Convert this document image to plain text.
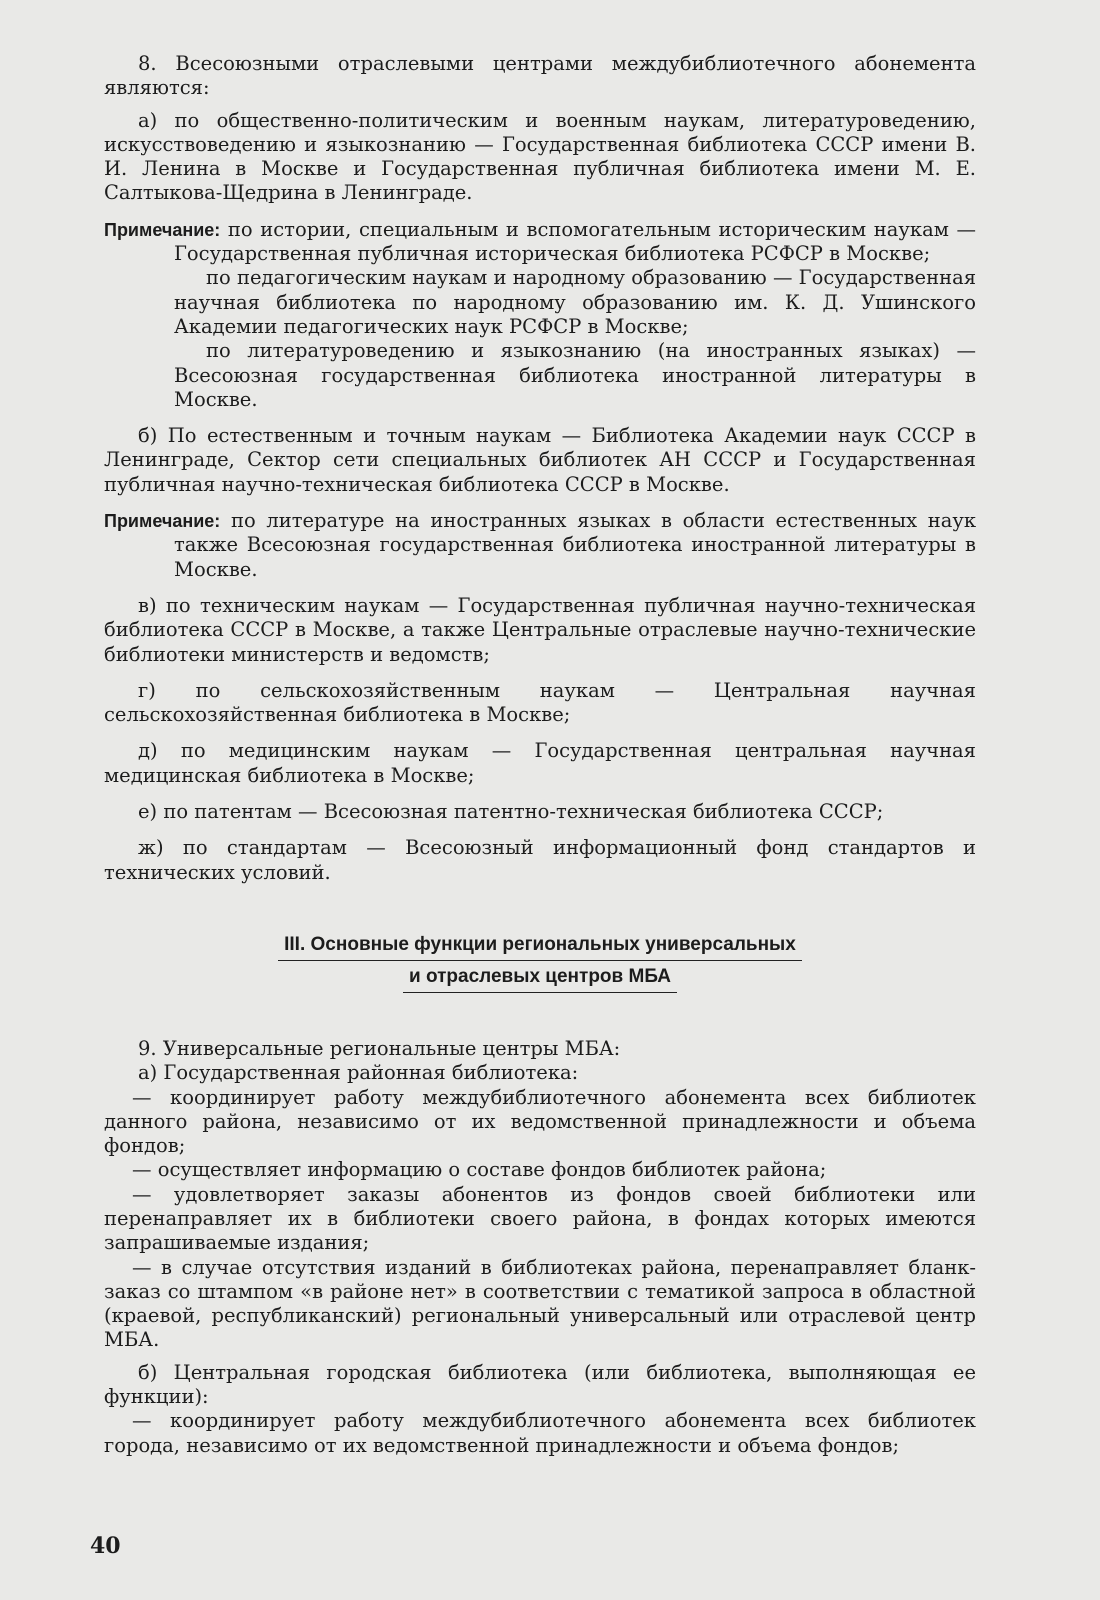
8. Всесоюзными отраслевыми центрами междубиблиотечного абонемента являются:

а) по общественно-политическим и военным наукам, литературоведению, искусствоведению и языкознанию — Государственная библиотека СССР имени В. И. Ленина в Москве и Государственная публичная библиотека имени М. Е. Салтыкова-Щедрина в Ленинграде.

Примечание: по истории, специальным и вспомогательным историческим наукам — Государственная публичная историческая библиотека РСФСР в Москве;

по педагогическим наукам и народному образованию — Государственная научная библиотека по народному образованию им. К. Д. Ушинского Академии педагогических наук РСФСР в Москве;

по литературоведению и языкознанию (на иностранных языках) — Всесоюзная государственная библиотека иностранной литературы в Москве.

б) По естественным и точным наукам — Библиотека Академии наук СССР в Ленинграде, Сектор сети специальных библиотек АН СССР и Государственная публичная научно-техническая библиотека СССР в Москве.

Примечание: по литературе на иностранных языках в области естественных наук также Всесоюзная государственная библиотека иностранной литературы в Москве.

в) по техническим наукам — Государственная публичная научно-техническая библиотека СССР в Москве, а также Центральные отраслевые научно-технические библиотеки министерств и ведомств;

г) по сельскохозяйственным наукам — Центральная научная сельскохозяйственная библиотека в Москве;

д) по медицинским наукам — Государственная центральная научная медицинская библиотека в Москве;

е) по патентам — Всесоюзная патентно-техническая библиотека СССР;

ж) по стандартам — Всесоюзный информационный фонд стандартов и технических условий.

III. Основные функции региональных универсальных
и отраслевых центров МБА

9. Универсальные региональные центры МБА:

а) Государственная районная библиотека:

— координирует работу междубиблиотечного абонемента всех библиотек данного района, независимо от их ведомственной принадлежности и объема фондов;

— осуществляет информацию о составе фондов библиотек района;

— удовлетворяет заказы абонентов из фондов своей библиотеки или перенаправляет их в библиотеки своего района, в фондах которых имеются запрашиваемые издания;

— в случае отсутствия изданий в библиотеках района, перенаправляет бланк-заказ со штампом «в районе нет» в соответствии с тематикой запроса в областной (краевой, республиканский) региональный универсальный или отраслевой центр МБА.

б) Центральная городская библиотека (или библиотека, выполняющая ее функции):

— координирует работу междубиблиотечного абонемента всех библиотек города, независимо от их ведомственной принадлежности и объема фондов;

40
